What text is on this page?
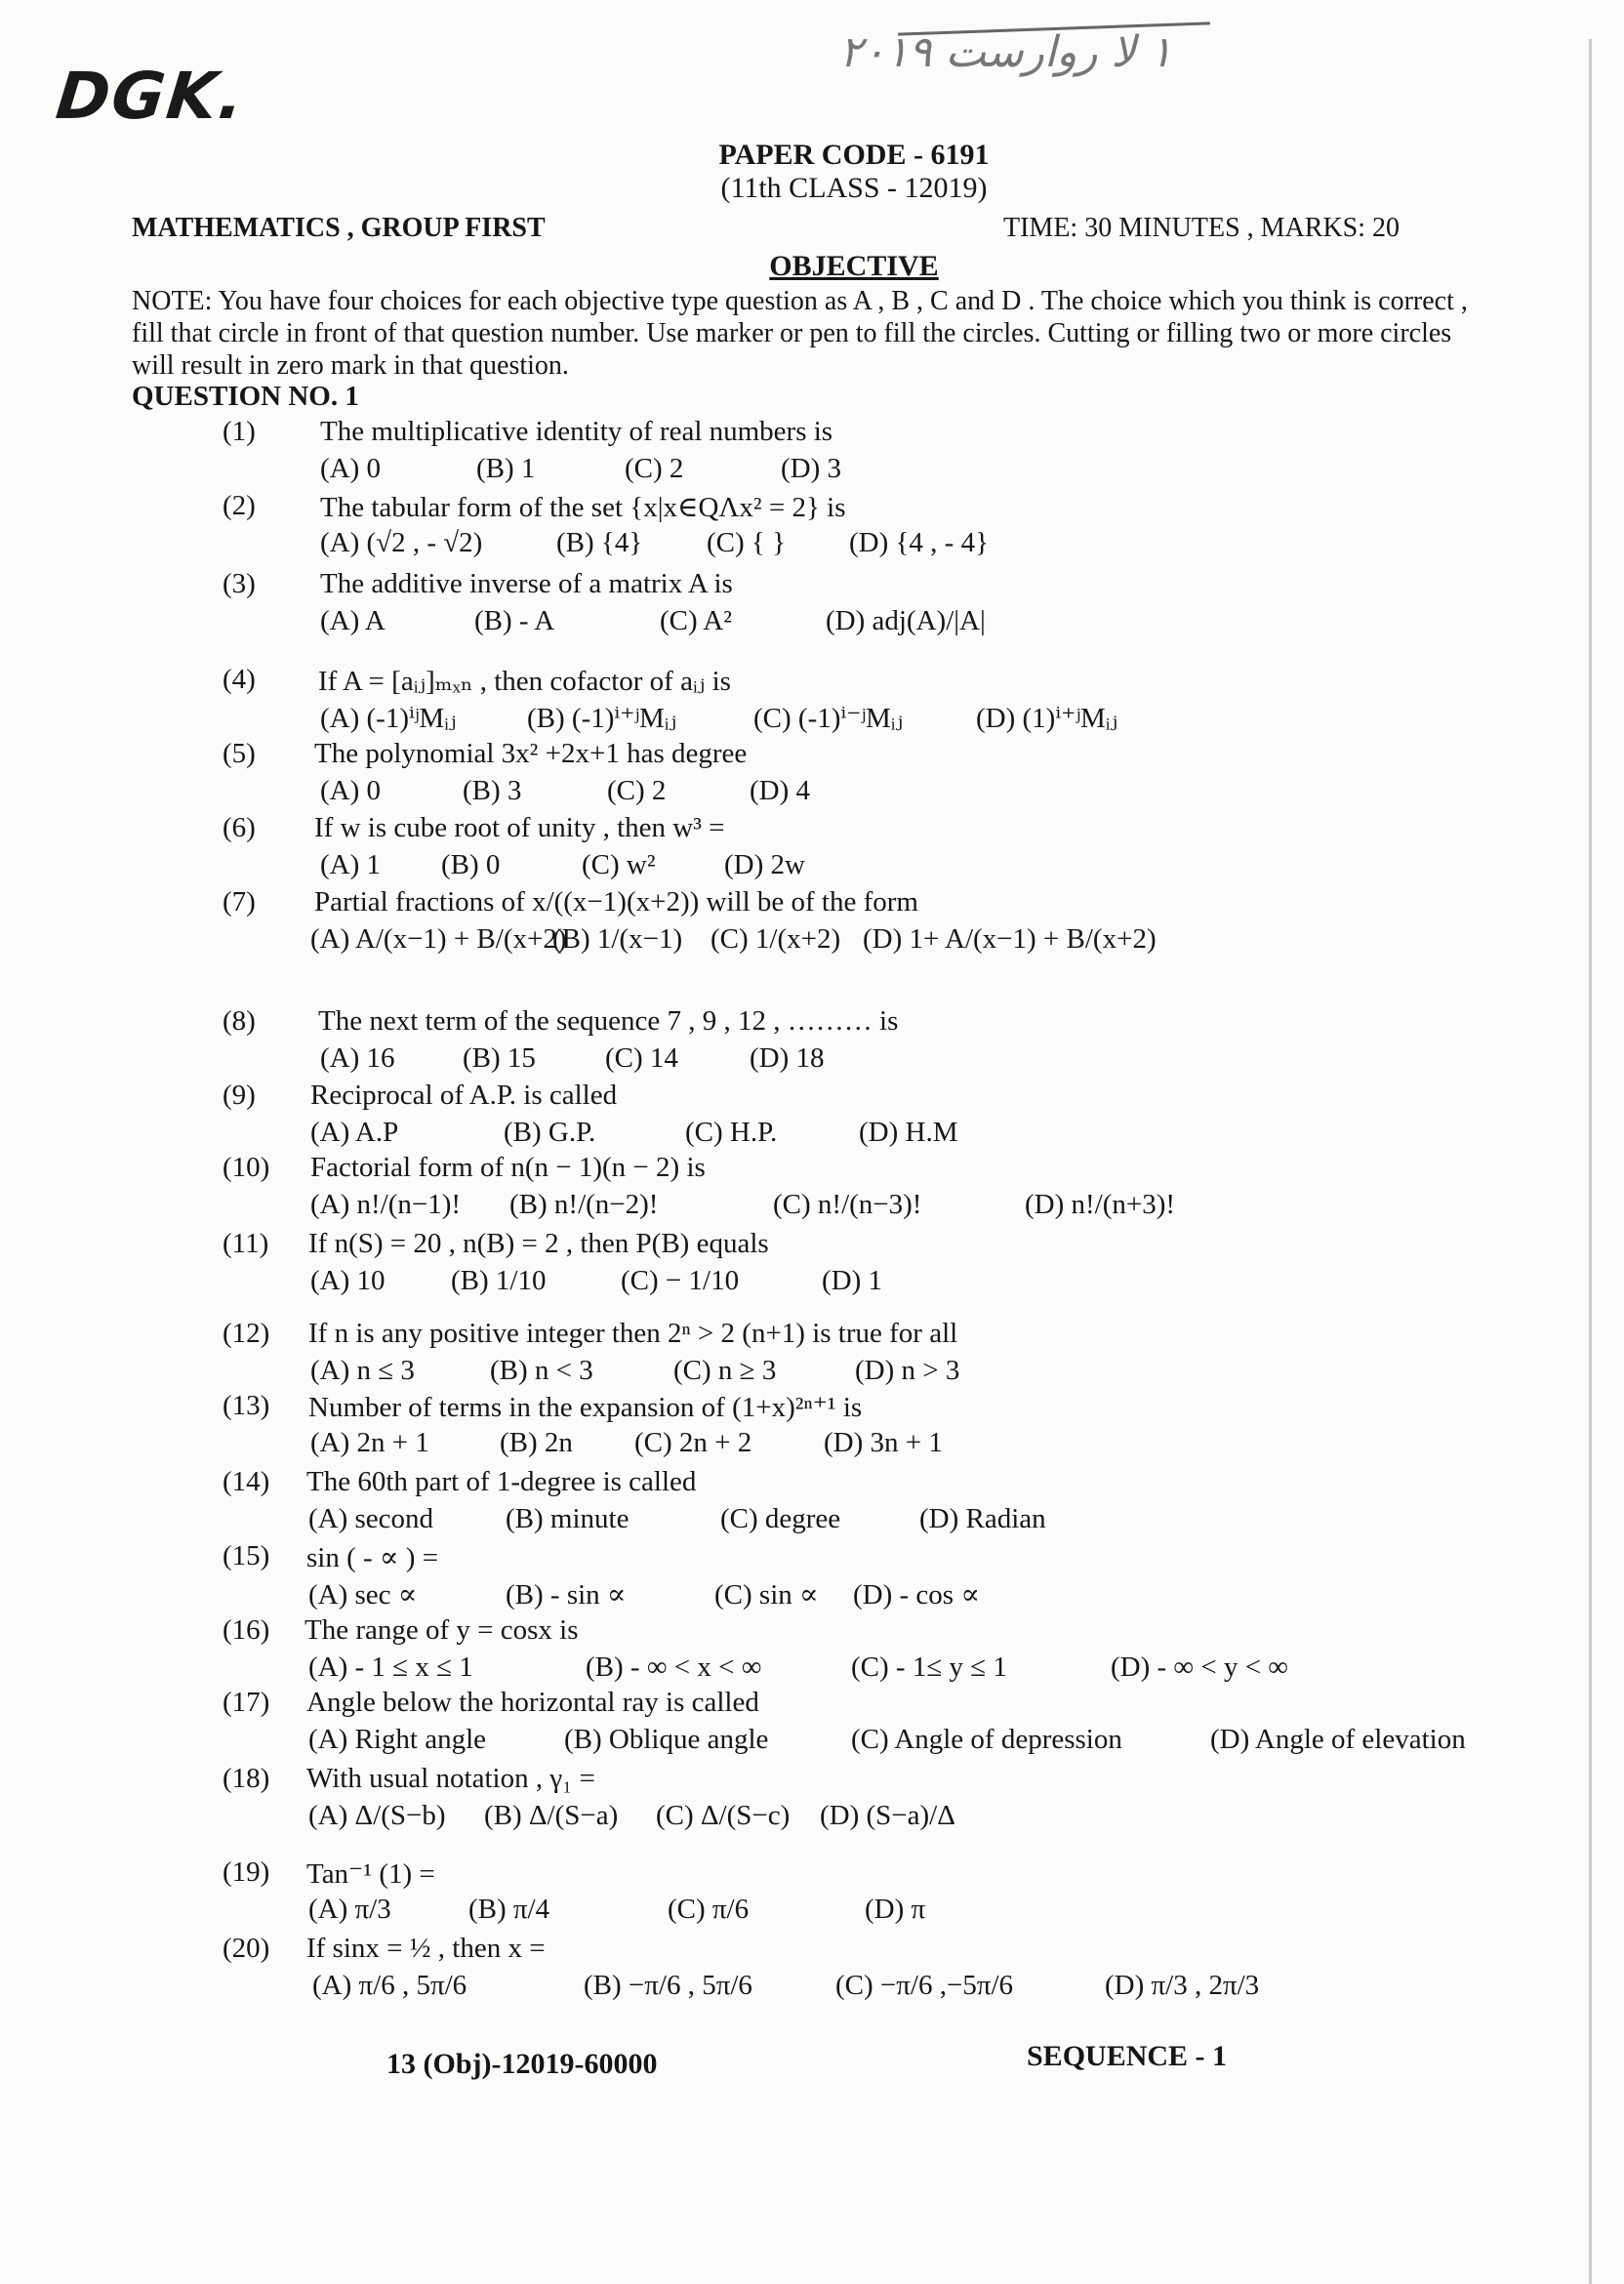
DGK.
١ لا روارست ۲۰۱۹
PAPER CODE - 6191
(11th CLASS - 12019)
MATHEMATICS , GROUP FIRST	TIME: 30 MINUTES , MARKS: 20
OBJECTIVE
NOTE: You have four choices for each objective type question as A , B , C and D . The choice which you think is correct , fill that circle in front of that question number. Use marker or pen to fill the circles. Cutting or filling two or more circles will result in zero mark in that question.
QUESTION NO. 1
(1) The multiplicative identity of real numbers is
(A) 0	(B) 1	(C) 2	(D) 3
(2) The tabular form of the set {x|x∈QΛx² = 2} is
(A) (√2 , - √2)	(B) {4} (C) { } (D) {4 , - 4}
(3) The additive inverse of a matrix A is
(A) A	(B) - A	(C) A²	(D) adj(A)/|A|
(4) If A = [aᵢⱼ]ₘₓₙ , then cofactor of aᵢⱼ is
(A) (-1)ⁱʲMᵢⱼ (B) (-1)ⁱ⁺ʲMᵢⱼ	(C) (-1)ⁱ⁻ʲMᵢⱼ	(D) (1)ⁱ⁺ʲMᵢⱼ
(5) The polynomial 3x² +2x+1 has degree
(A) 0	(B) 3	(C) 2	(D) 4
(6) If w is cube root of unity , then w³ =
(A) 1 (B) 0	(C) w² (D) 2w
(7) Partial fractions of x/((x−1)(x+2)) will be of the form
(A) A/(x−1) + B/(x+2)
(B) 1/(x−1) (C) 1/(x+2) (D) 1+ A/(x−1) + B/(x+2)
(8) The next term of the sequence 7 , 9 , 12 , ……… is
(A) 16 (B) 15 (C) 14	(D) 18
(9) Reciprocal of A.P. is called
(A) A.P	(B) G.P.	(C) H.P.	(D) H.M
(10) Factorial form of n(n − 1)(n − 2) is
(A) n!/(n−1)! (B) n!/(n−2)!	(C) n!/(n−3)!	(D) n!/(n+3)!
(11) If n(S) = 20 , n(B) = 2 , then P(B) equals
(A) 10 (B) 1/10	(C) − 1/10	(D) 1
(12) If n is any positive integer then 2ⁿ > 2 (n+1) is true for all
(A) n ≤ 3	(B) n < 3	(C) n ≥ 3	(D) n > 3
(13) Number of terms in the expansion of (1+x)²ⁿ⁺¹ is
(A) 2n + 1 (B) 2n (C) 2n + 2	(D) 3n + 1
(14) The 60th part of 1-degree is called
(A) second	(B) minute	(C) degree	(D) Radian
(15) sin ( - ∝ ) =
(A) sec ∝	(B) - sin ∝	(C) sin ∝ (D) - cos ∝
(16) The range of y = cosx is
(A) - 1 ≤ x ≤ 1	(B) - ∞ < x < ∞	(C) - 1≤ y ≤ 1	(D) - ∞ < y < ∞
(17) Angle below the horizontal ray is called
(A) Right angle	(B) Oblique angle	(C) Angle of depression	(D) Angle of elevation
(18) With usual notation , γ₁ =
(A) Δ/(S−b) (B) Δ/(S−a) (C) Δ/(S−c) (D) (S−a)/Δ
(19) Tan⁻¹ (1) =
(A) π/3	(B) π/4	(C) π/6	(D) π
(20) If sinx = ½ , then x =
(A) π/6 , 5π/6	(B) −π/6 , 5π/6	(C) −π/6 ,−5π/6	(D) π/3 , 2π/3
13 (Obj)-12019-60000	SEQUENCE - 1
